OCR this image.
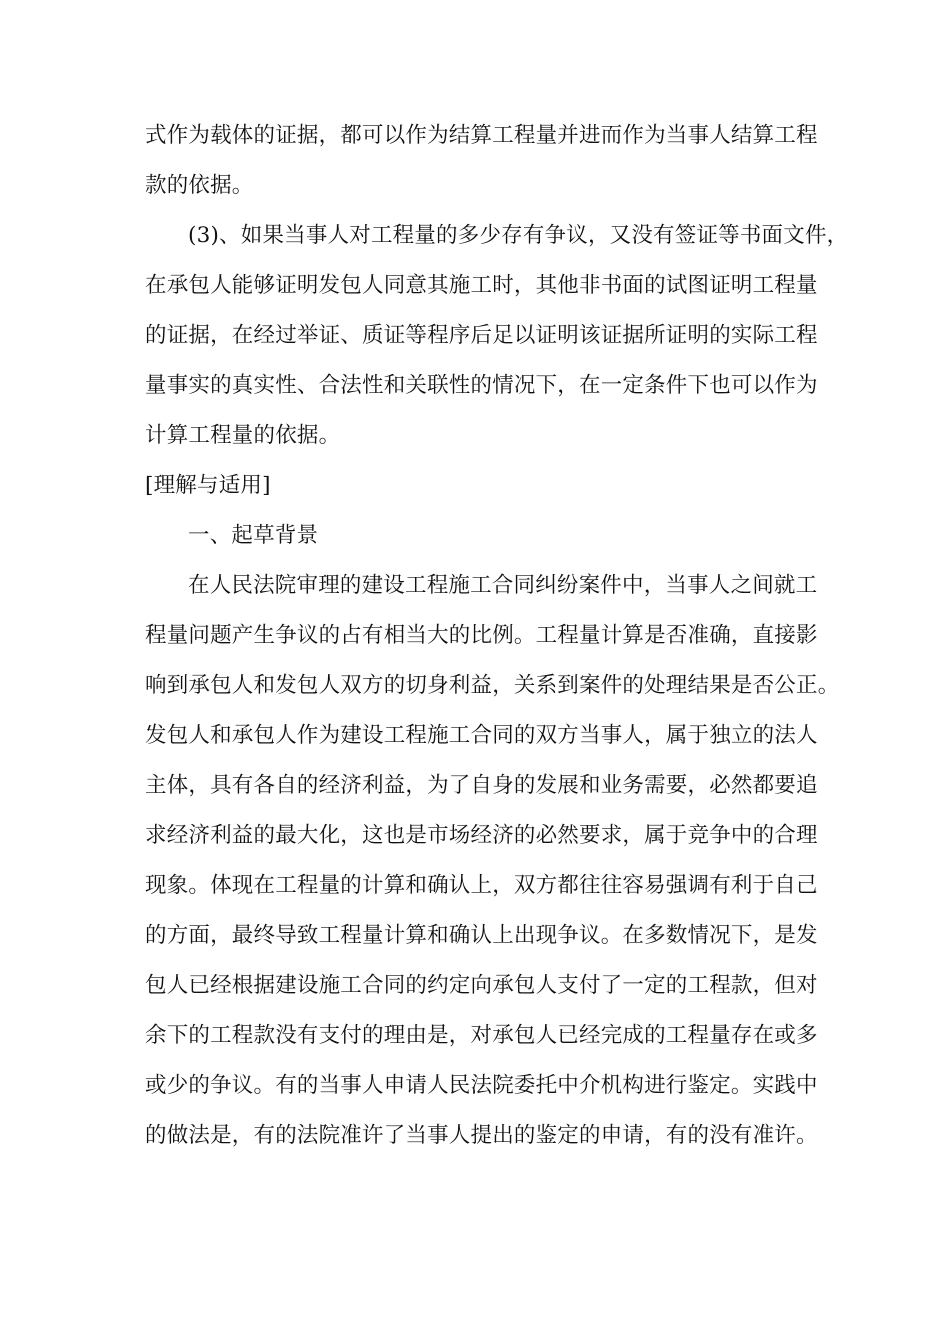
式作为载体的证据，都可以作为结算工程量并进而作为当事人结算工程
款的依据。
(3)、如果当事人对工程量的多少存有争议，又没有签证等书面文件，
在承包人能够证明发包人同意其施工时，其他非书面的试图证明工程量
的证据，在经过举证、质证等程序后足以证明该证据所证明的实际工程
量事实的真实性、合法性和关联性的情况下，在一定条件下也可以作为
计算工程量的依据。
[理解与适用]
一、起草背景
在人民法院审理的建设工程施工合同纠纷案件中，当事人之间就工
程量问题产生争议的占有相当大的比例。工程量计算是否准确，直接影
响到承包人和发包人双方的切身利益，关系到案件的处理结果是否公正。
发包人和承包人作为建设工程施工合同的双方当事人，属于独立的法人
主体，具有各自的经济利益，为了自身的发展和业务需要，必然都要追
求经济利益的最大化，这也是市场经济的必然要求，属于竞争中的合理
现象。体现在工程量的计算和确认上，双方都往往容易强调有利于自己
的方面，最终导致工程量计算和确认上出现争议。在多数情况下，是发
包人已经根据建设施工合同的约定向承包人支付了一定的工程款，但对
余下的工程款没有支付的理由是，对承包人已经完成的工程量存在或多
或少的争议。有的当事人申请人民法院委托中介机构进行鉴定。实践中
的做法是，有的法院准许了当事人提出的鉴定的申请，有的没有准许。
